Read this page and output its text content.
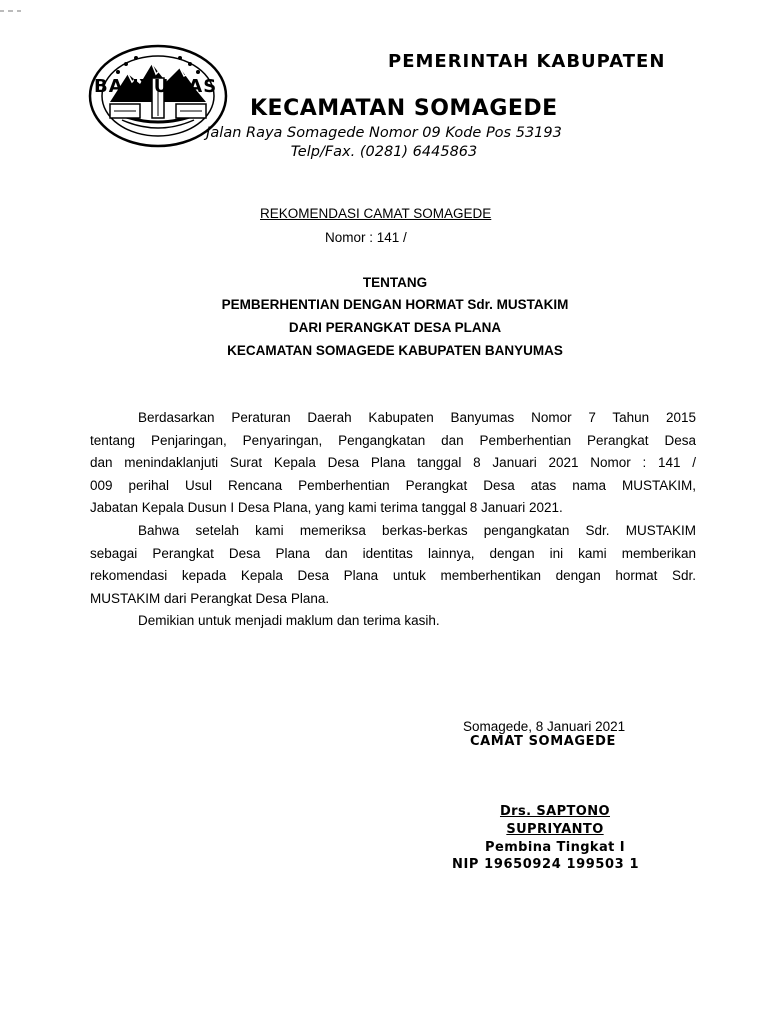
PEMERINTAH KABUPATEN
BANYUMAS
KECAMATAN SOMAGEDE
Jalan Raya Somagede Nomor 09 Kode Pos 53193
Telp/Fax. (0281) 6445863
REKOMENDASI CAMAT SOMAGEDE
Nomor : 141 /
TENTANG
PEMBERHENTIAN DENGAN HORMAT Sdr. MUSTAKIM
DARI PERANGKAT DESA PLANA
KECAMATAN SOMAGEDE KABUPATEN BANYUMAS
Berdasarkan Peraturan Daerah Kabupaten Banyumas Nomor 7 Tahun 2015
tentang Penjaringan, Penyaringan, Pengangkatan dan Pemberhentian Perangkat Desa
dan menindaklanjuti Surat Kepala Desa Plana tanggal 8 Januari 2021 Nomor : 141 /
009 perihal Usul Rencana Pemberhentian Perangkat Desa atas nama MUSTAKIM,
Jabatan Kepala Dusun I Desa Plana, yang kami terima tanggal 8 Januari 2021.
Bahwa setelah kami memeriksa berkas-berkas pengangkatan Sdr. MUSTAKIM
sebagai Perangkat Desa Plana dan identitas lainnya, dengan ini kami memberikan
rekomendasi kepada Kepala Desa Plana untuk memberhentikan dengan hormat Sdr.
MUSTAKIM dari Perangkat Desa Plana.
Demikian untuk menjadi maklum dan terima kasih.
Somagede, 8 Januari 2021
CAMAT SOMAGEDE
Drs. SAPTONO
SUPRIYANTO
Pembina Tingkat I
NIP 19650924 199503 1
